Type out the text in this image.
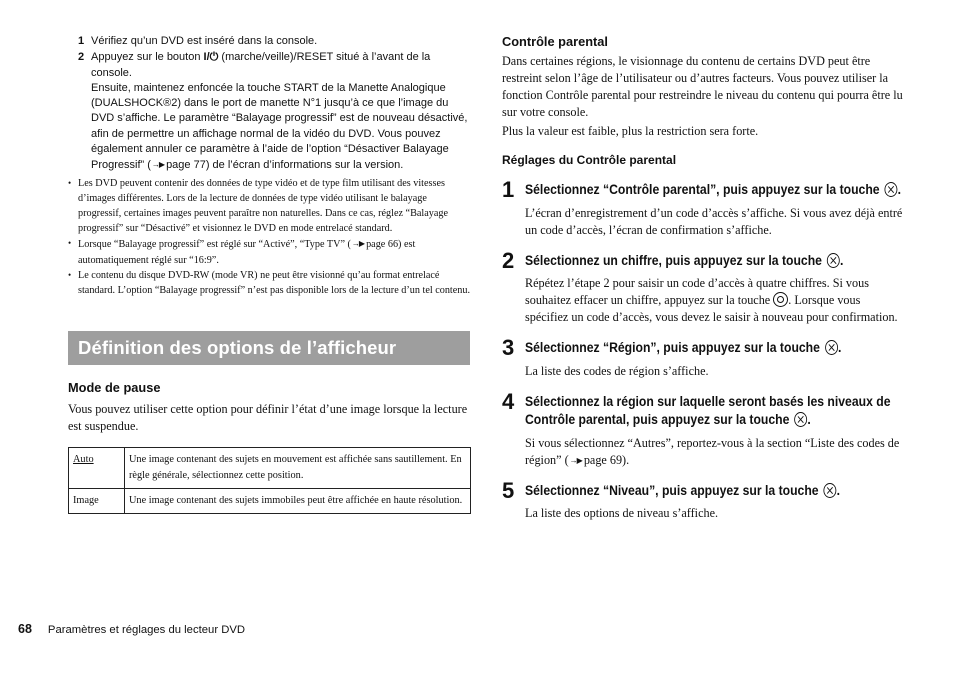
1 Vérifiez qu’un DVD est inséré dans la console.
2 Appuyez sur le bouton I/⏻ (marche/veille)/RESET situé à l’avant de la console.
Ensuite, maintenez enfoncée la touche START de la Manette Analogique (DUALSHOCK®2) dans le port de manette N°1 jusqu’à ce que l’image du DVD s’affiche. Le paramètre “Balayage progressif” est de nouveau désactivé, afin de permettre un affichage normal de la vidéo du DVD. Vous pouvez également annuler ce paramètre à l’aide de l’option “Désactiver Balayage Progressif” (→▶ page 77) de l’écran d’informations sur la version.
• Les DVD peuvent contenir des données de type vidéo et de type film utilisant des vitesses d’images différentes. Lors de la lecture de données de type vidéo utilisant le balayage progressif, certaines images peuvent paraître non naturelles. Dans ce cas, réglez “Balayage progressif” sur “Désactivé” et visionnez le DVD en mode entrelacé standard.
• Lorsque “Balayage progressif” est réglé sur “Activé”, “Type TV” (→▶ page 66) est automatiquement réglé sur “16:9”.
• Le contenu du disque DVD-RW (mode VR) ne peut être visionné qu’au format entrelacé standard. L’option “Balayage progressif” n’est pas disponible lors de la lecture d’un tel contenu.
Définition des options de l’afficheur
Mode de pause

Vous pouvez utiliser cette option pour définir l’état d’une image lorsque la lecture est suspendue.

Auto	Une image contenant des sujets en mouvement est affichée sans sautillement. En règle générale, sélectionnez cette position.
Image	Une image contenant des sujets immobiles peut être affichée en haute résolution.
Contrôle parental

Dans certaines régions, le visionnage du contenu de certains DVD peut être restreint selon l’âge de l’utilisateur ou d’autres facteurs. Vous pouvez utiliser la fonction Contrôle parental pour restreindre le niveau du contenu qui pourra être lu sur votre console.

Plus la valeur est faible, plus la restriction sera forte.

Réglages du Contrôle parental
1 Sélectionnez “Contrôle parental”, puis appuyez sur la touche .
L’écran d’enregistrement d’un code d’accès s’affiche. Si vous avez déjà entré un code d’accès, l’écran de confirmation s’affiche.
2 Sélectionnez un chiffre, puis appuyez sur la touche .
Répétez l’étape 2 pour saisir un code d’accès à quatre chiffres. Si vous souhaitez effacer un chiffre, appuyez sur la touche . Lorsque vous spécifiez un code d’accès, vous devez le saisir à nouveau pour confirmation.
3 Sélectionnez “Région”, puis appuyez sur la touche .
La liste des codes de région s’affiche.
4 Sélectionnez la région sur laquelle seront basés les niveaux de Contrôle parental, puis appuyez sur la touche .
Si vous sélectionnez “Autres”, reportez-vous à la section “Liste des codes de région” (→▶ page 69).
5 Sélectionnez “Niveau”, puis appuyez sur la touche .
La liste des options de niveau s’affiche.
68 Paramètres et réglages du lecteur DVD
